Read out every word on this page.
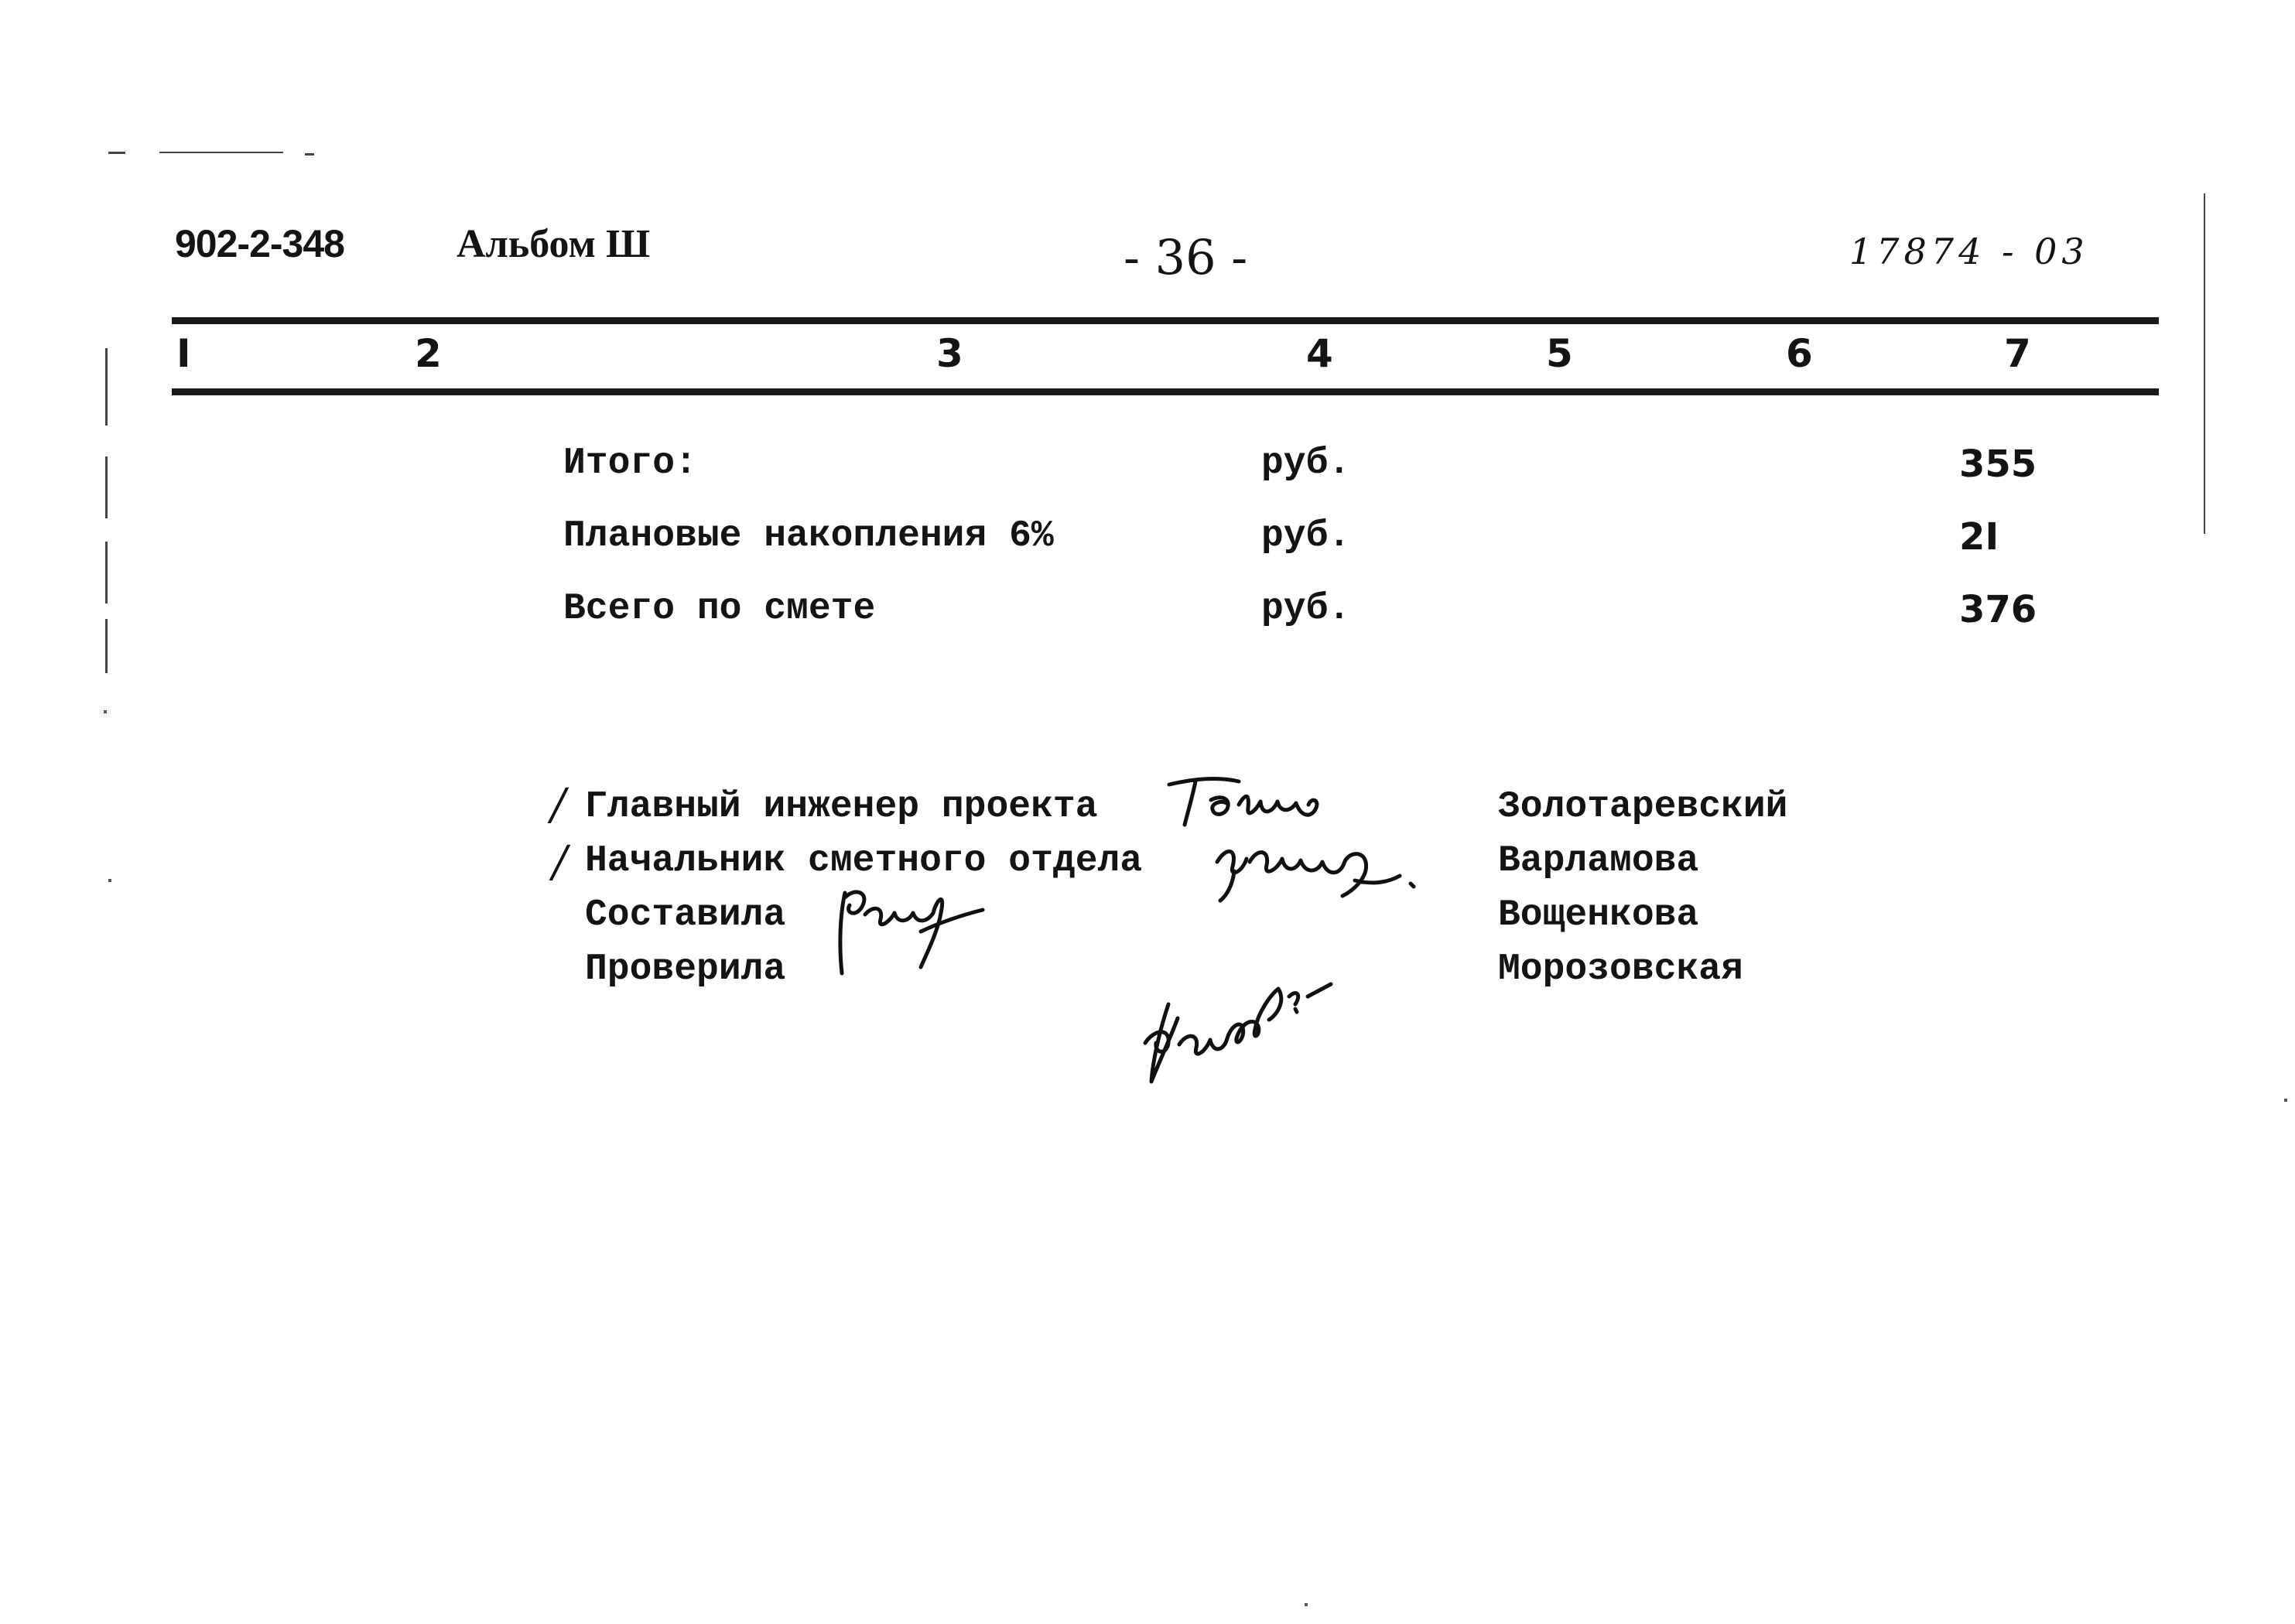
902-2-348	Альбом Ш	- 36 -	17874 - 03
I	2	3	4	5	6	7
Итого:	руб.	355
Плановые накопления 6%	руб.	2I
Всего по смете	руб.	376
/
/
Главный инженер проекта	Золотаревский
Начальник сметного отдела	Варламова
Составила	Вощенкова
Проверила	Морозовская
